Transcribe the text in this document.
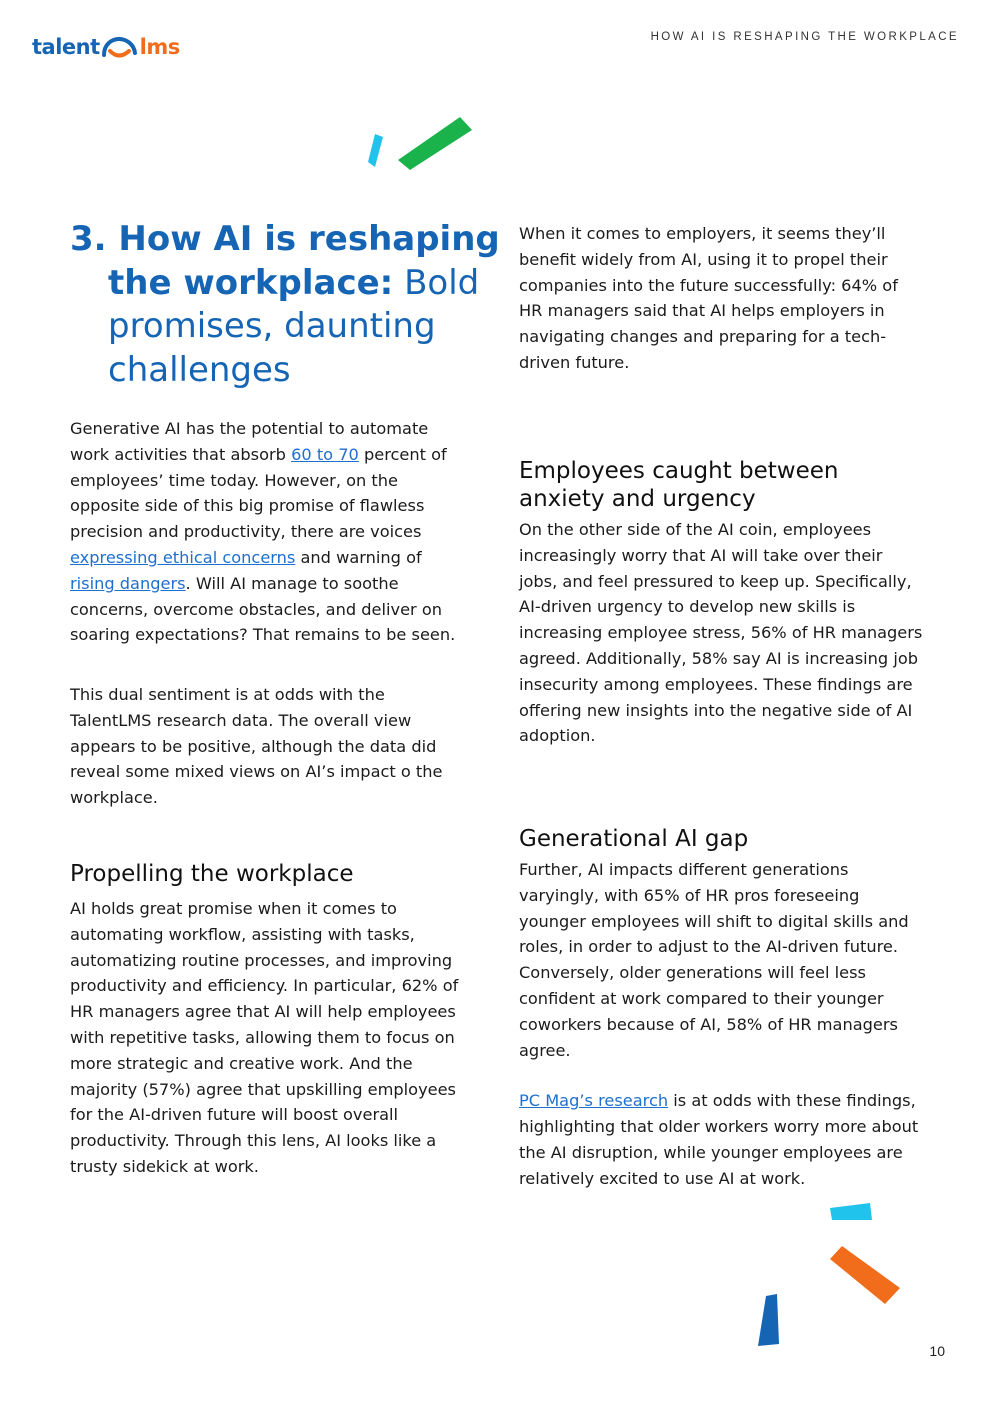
talent lms	HOW AI IS RESHAPING THE WORKPLACE
3. How AI is reshaping the workplace: Bold promises, daunting challenges

Generative AI has the potential to automate work activities that absorb 60 to 70 percent of employees’ time today. However, on the opposite side of this big promise of flawless precision and productivity, there are voices expressing ethical concerns and warning of rising dangers. Will AI manage to soothe concerns, overcome obstacles, and deliver on soaring expectations? That remains to be seen.

This dual sentiment is at odds with the TalentLMS research data. The overall view appears to be positive, although the data did reveal some mixed views on AI’s impact o the workplace.

Propelling the workplace

AI holds great promise when it comes to automating workflow, assisting with tasks, automatizing routine processes, and improving productivity and efficiency. In particular, 62% of HR managers agree that AI will help employees with repetitive tasks, allowing them to focus on more strategic and creative work. And the majority (57%) agree that upskilling employees for the AI-driven future will boost overall productivity. Through this lens, AI looks like a trusty sidekick at work.

When it comes to employers, it seems they’ll benefit widely from AI, using it to propel their companies into the future successfully: 64% of HR managers said that AI helps employers in navigating changes and preparing for a tech-driven future.

Employees caught between anxiety and urgency

On the other side of the AI coin, employees increasingly worry that AI will take over their jobs, and feel pressured to keep up. Specifically, AI-driven urgency to develop new skills is increasing employee stress, 56% of HR managers agreed. Additionally, 58% say AI is increasing job insecurity among employees. These findings are offering new insights into the negative side of AI adoption.

Generational AI gap

Further, AI impacts different generations varyingly, with 65% of HR pros foreseeing younger employees will shift to digital skills and roles, in order to adjust to the AI-driven future. Conversely, older generations will feel less confident at work compared to their younger coworkers because of AI, 58% of HR managers agree.

PC Mag’s research is at odds with these findings, highlighting that older workers worry more about the AI disruption, while younger employees are relatively excited to use AI at work.

10
